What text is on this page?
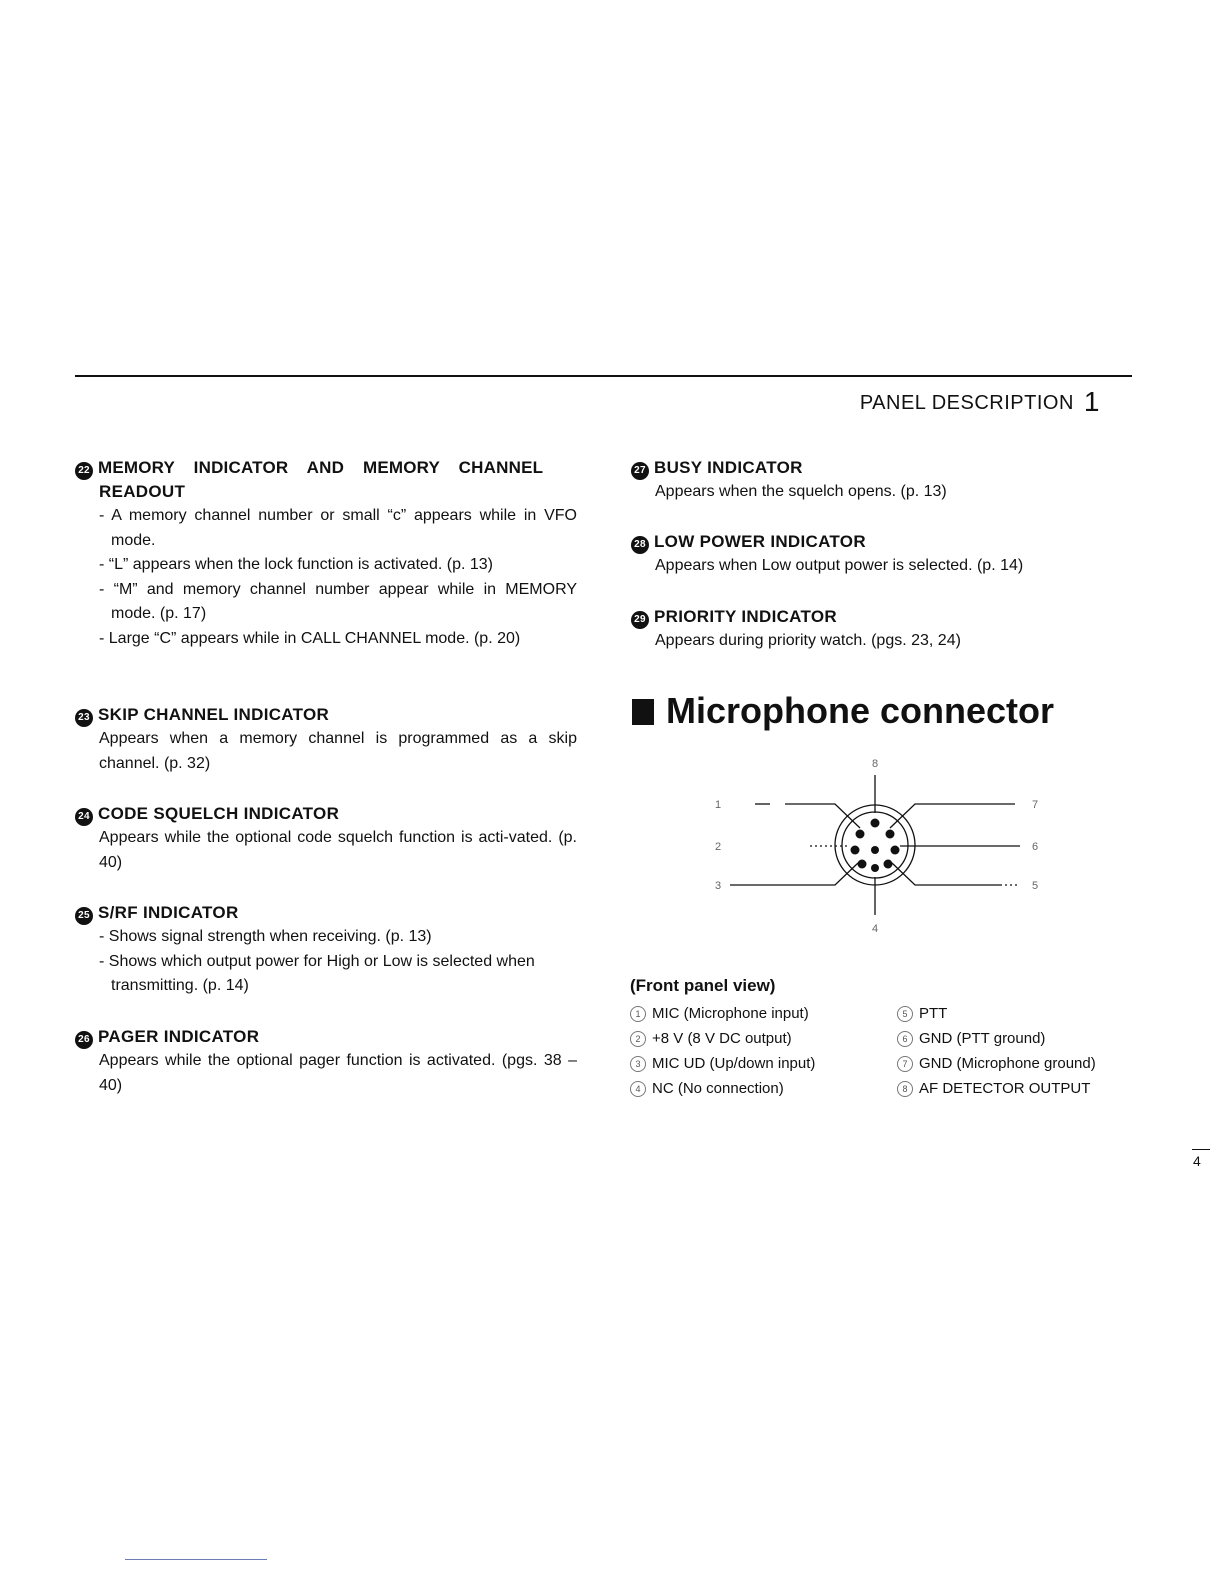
PANEL DESCRIPTION 1
22 MEMORY INDICATOR AND MEMORY CHANNEL
READOUT
- A memory channel number or small “c” appears while in VFO mode.
- “L” appears when the lock function is activated. (p. 13)
- “M” and memory channel number appear while in MEMORY mode. (p. 17)
- Large “C” appears while in CALL CHANNEL mode. (p. 20)
23 SKIP CHANNEL INDICATOR

Appears when a memory channel is programmed as a skip channel. (p. 32)

24 CODE SQUELCH INDICATOR

Appears while the optional code squelch function is acti-vated. (p. 40)

25 S/RF INDICATOR
- Shows signal strength when receiving. (p. 13)
- Shows which output power for High or Low is selected when transmitting. (p. 14)
26 PAGER INDICATOR

Appears while the optional pager function is activated. (pgs. 38 – 40)

27 BUSY INDICATOR

Appears when the squelch opens. (p. 13)

28 LOW POWER INDICATOR

Appears when Low output power is selected. (p. 14)

29 PRIORITY INDICATOR

Appears during priority watch. (pgs. 23, 24)

Microphone connector
1
2
3
4
5
6
7
8

(Front panel view)

1 MIC (Microphone input)
2 +8 V (8 V DC output)
3 MIC UD (Up/down input)
4 NC (No connection)
5 PTT
6 GND (PTT ground)
7 GND (Microphone ground)
8 AF DETECTOR OUTPUT
4
